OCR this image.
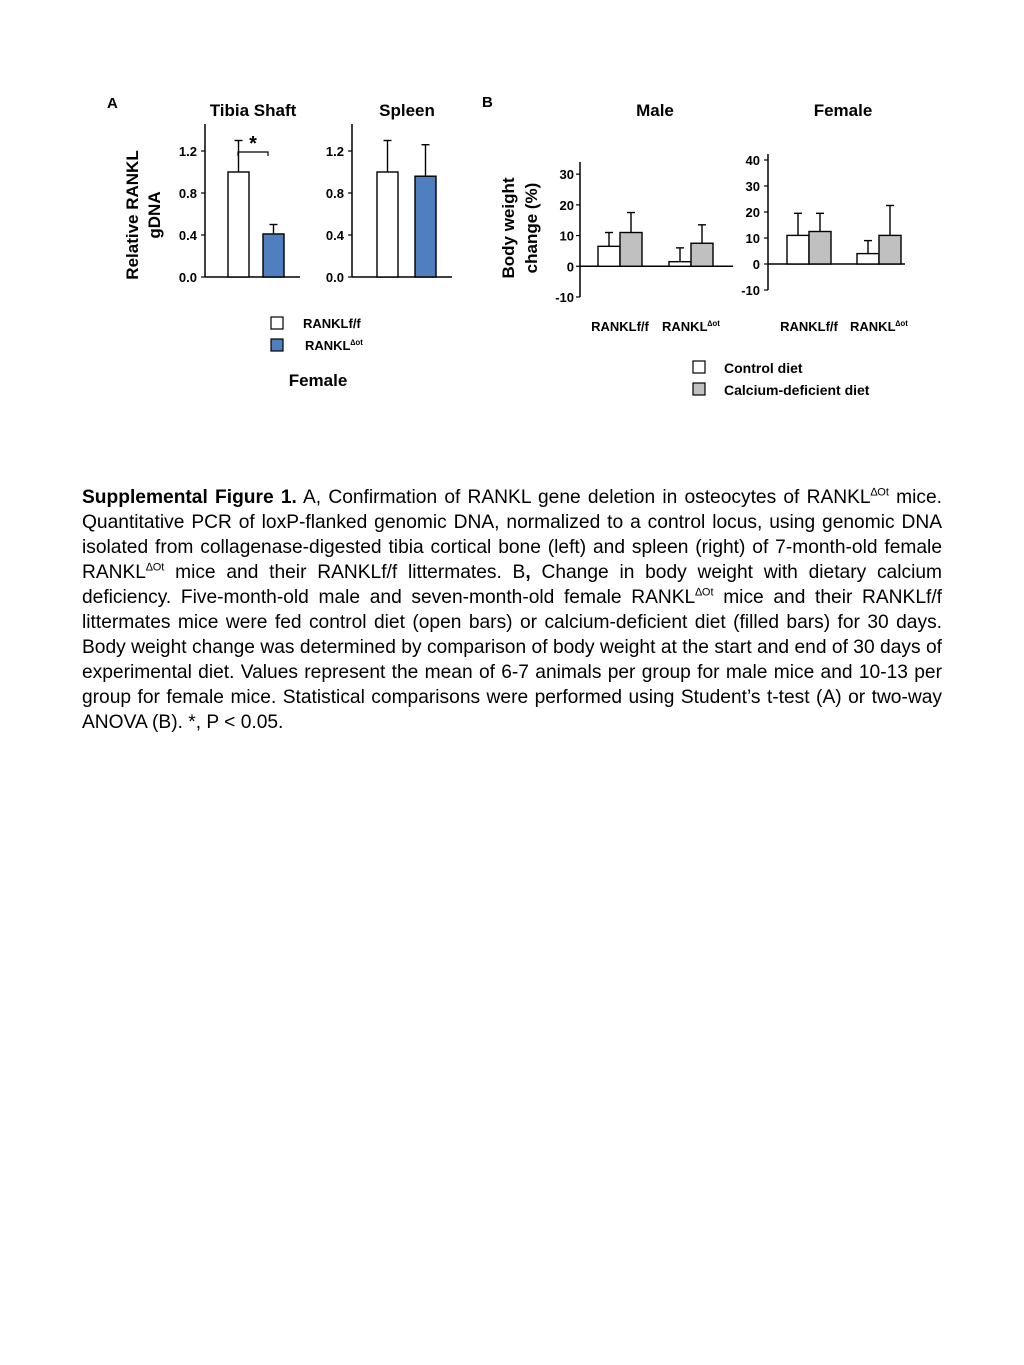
A	B
Relative RANKL gDNA	Body weight change (%)
Tibia Shaft
0.0
0.4
0.8
1.2	*
Spleen
0.0
0.4
0.8
1.2
Male
-10
0
10
20
30
RANKLf/f $RANKL^{\Delta ot}$
Female
-10
0
10
20
30
40
RANKLf/f $RANKL^{\Delta ot}$
RANKLf/f
$RANKL^{\Delta ot}$
Female
Control diet
Calcium-deficient diet

Supplemental Figure 1. A, Confirmation of RANKL gene deletion in osteocytes of $RANKL^{\Delta Ot}$ mice. Quantitative PCR of loxP-flanked genomic DNA, normalized to a control locus, using genomic DNA isolated from collagenase-digested tibia cortical bone (left) and spleen (right) of 7-month-old female $RANKL^{\Delta Ot}$ mice and their RANKLf/f littermates. B, Change in body weight with dietary calcium deficiency. Five-month-old male and seven-month-old female $RANKL^{\Delta Ot}$ mice and their RANKLf/f littermates mice were fed control diet (open bars) or calcium-deficient diet (filled bars) for 30 days. Body weight change was determined by comparison of body weight at the start and end of 30 days of experimental diet. Values represent the mean of 6-7 animals per group for male mice and 10-13 per group for female mice. Statistical comparisons were performed using Student’s t-test (A) or two-way ANOVA (B). *, P < 0.05.
